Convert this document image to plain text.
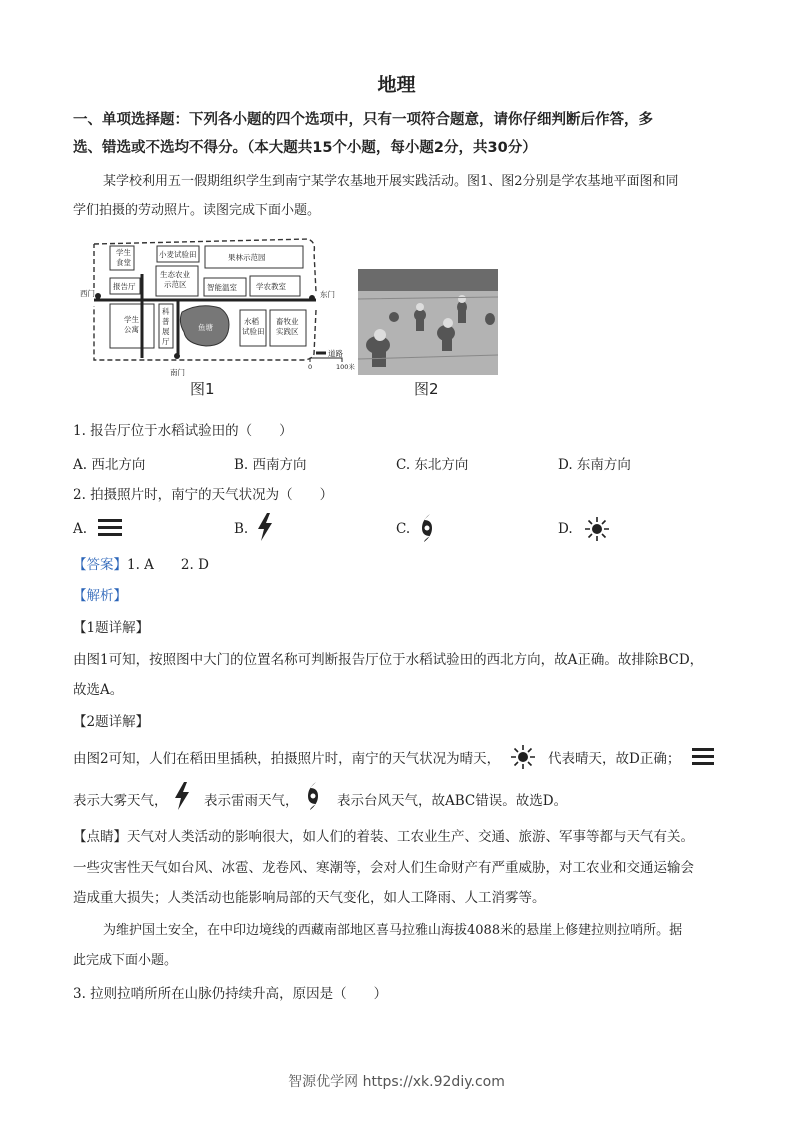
地理
一、单项选择题：下列各小题的四个选项中，只有一项符合题意，请你仔细判断后作答，多
选、错选或不选均不得分。（本大题共15个小题，每小题2分，共30分）
某学校利用五一假期组织学生到南宁某学农基地开展实践活动。图1、图2分别是学农基地平面图和同
学们拍摄的劳动照片。读图完成下面小题。
学生
食堂
小麦试验田	果林示范园
报告厅
生态农业
示范区	智能温室	学农教室
学生
公寓
科
普
展
厅
鱼塘
水稻
试验田
畜牧业
实践区
西门	东门
南门
道路
0	100米
图1	图2
1. 报告厅位于水稻试验田的（　　）
A. 西北方向	B. 西南方向	C. 东北方向	D. 东南方向
2. 拍摄照片时，南宁的天气状况为（　　）
A.	B.	C.	D.
【答案】1. A　　2. D
【解析】
【1题详解】
由图1可知，按照图中大门的位置名称可判断报告厅位于水稻试验田的西北方向，故A正确。故排除BCD，
故选A。
【2题详解】
由图2可知，人们在稻田里插秧，拍摄照片时，南宁的天气状况为晴天，	代表晴天，故D正确；
表示大雾天气，	表示雷雨天气，	表示台风天气，故ABC错误。故选D。
【点睛】天气对人类活动的影响很大，如人们的着装、工农业生产、交通、旅游、军事等都与天气有关。
一些灾害性天气如台风、冰雹、龙卷风、寒潮等，会对人们生命财产有严重威胁，对工农业和交通运输会
造成重大损失；人类活动也能影响局部的天气变化，如人工降雨、人工消雾等。
为维护国土安全，在中印边境线的西藏南部地区喜马拉雅山海拔4088米的悬崖上修建拉则拉哨所。据
此完成下面小题。
3. 拉则拉哨所所在山脉仍持续升高，原因是（　　）
智源优学网 https://xk.92diy.com
